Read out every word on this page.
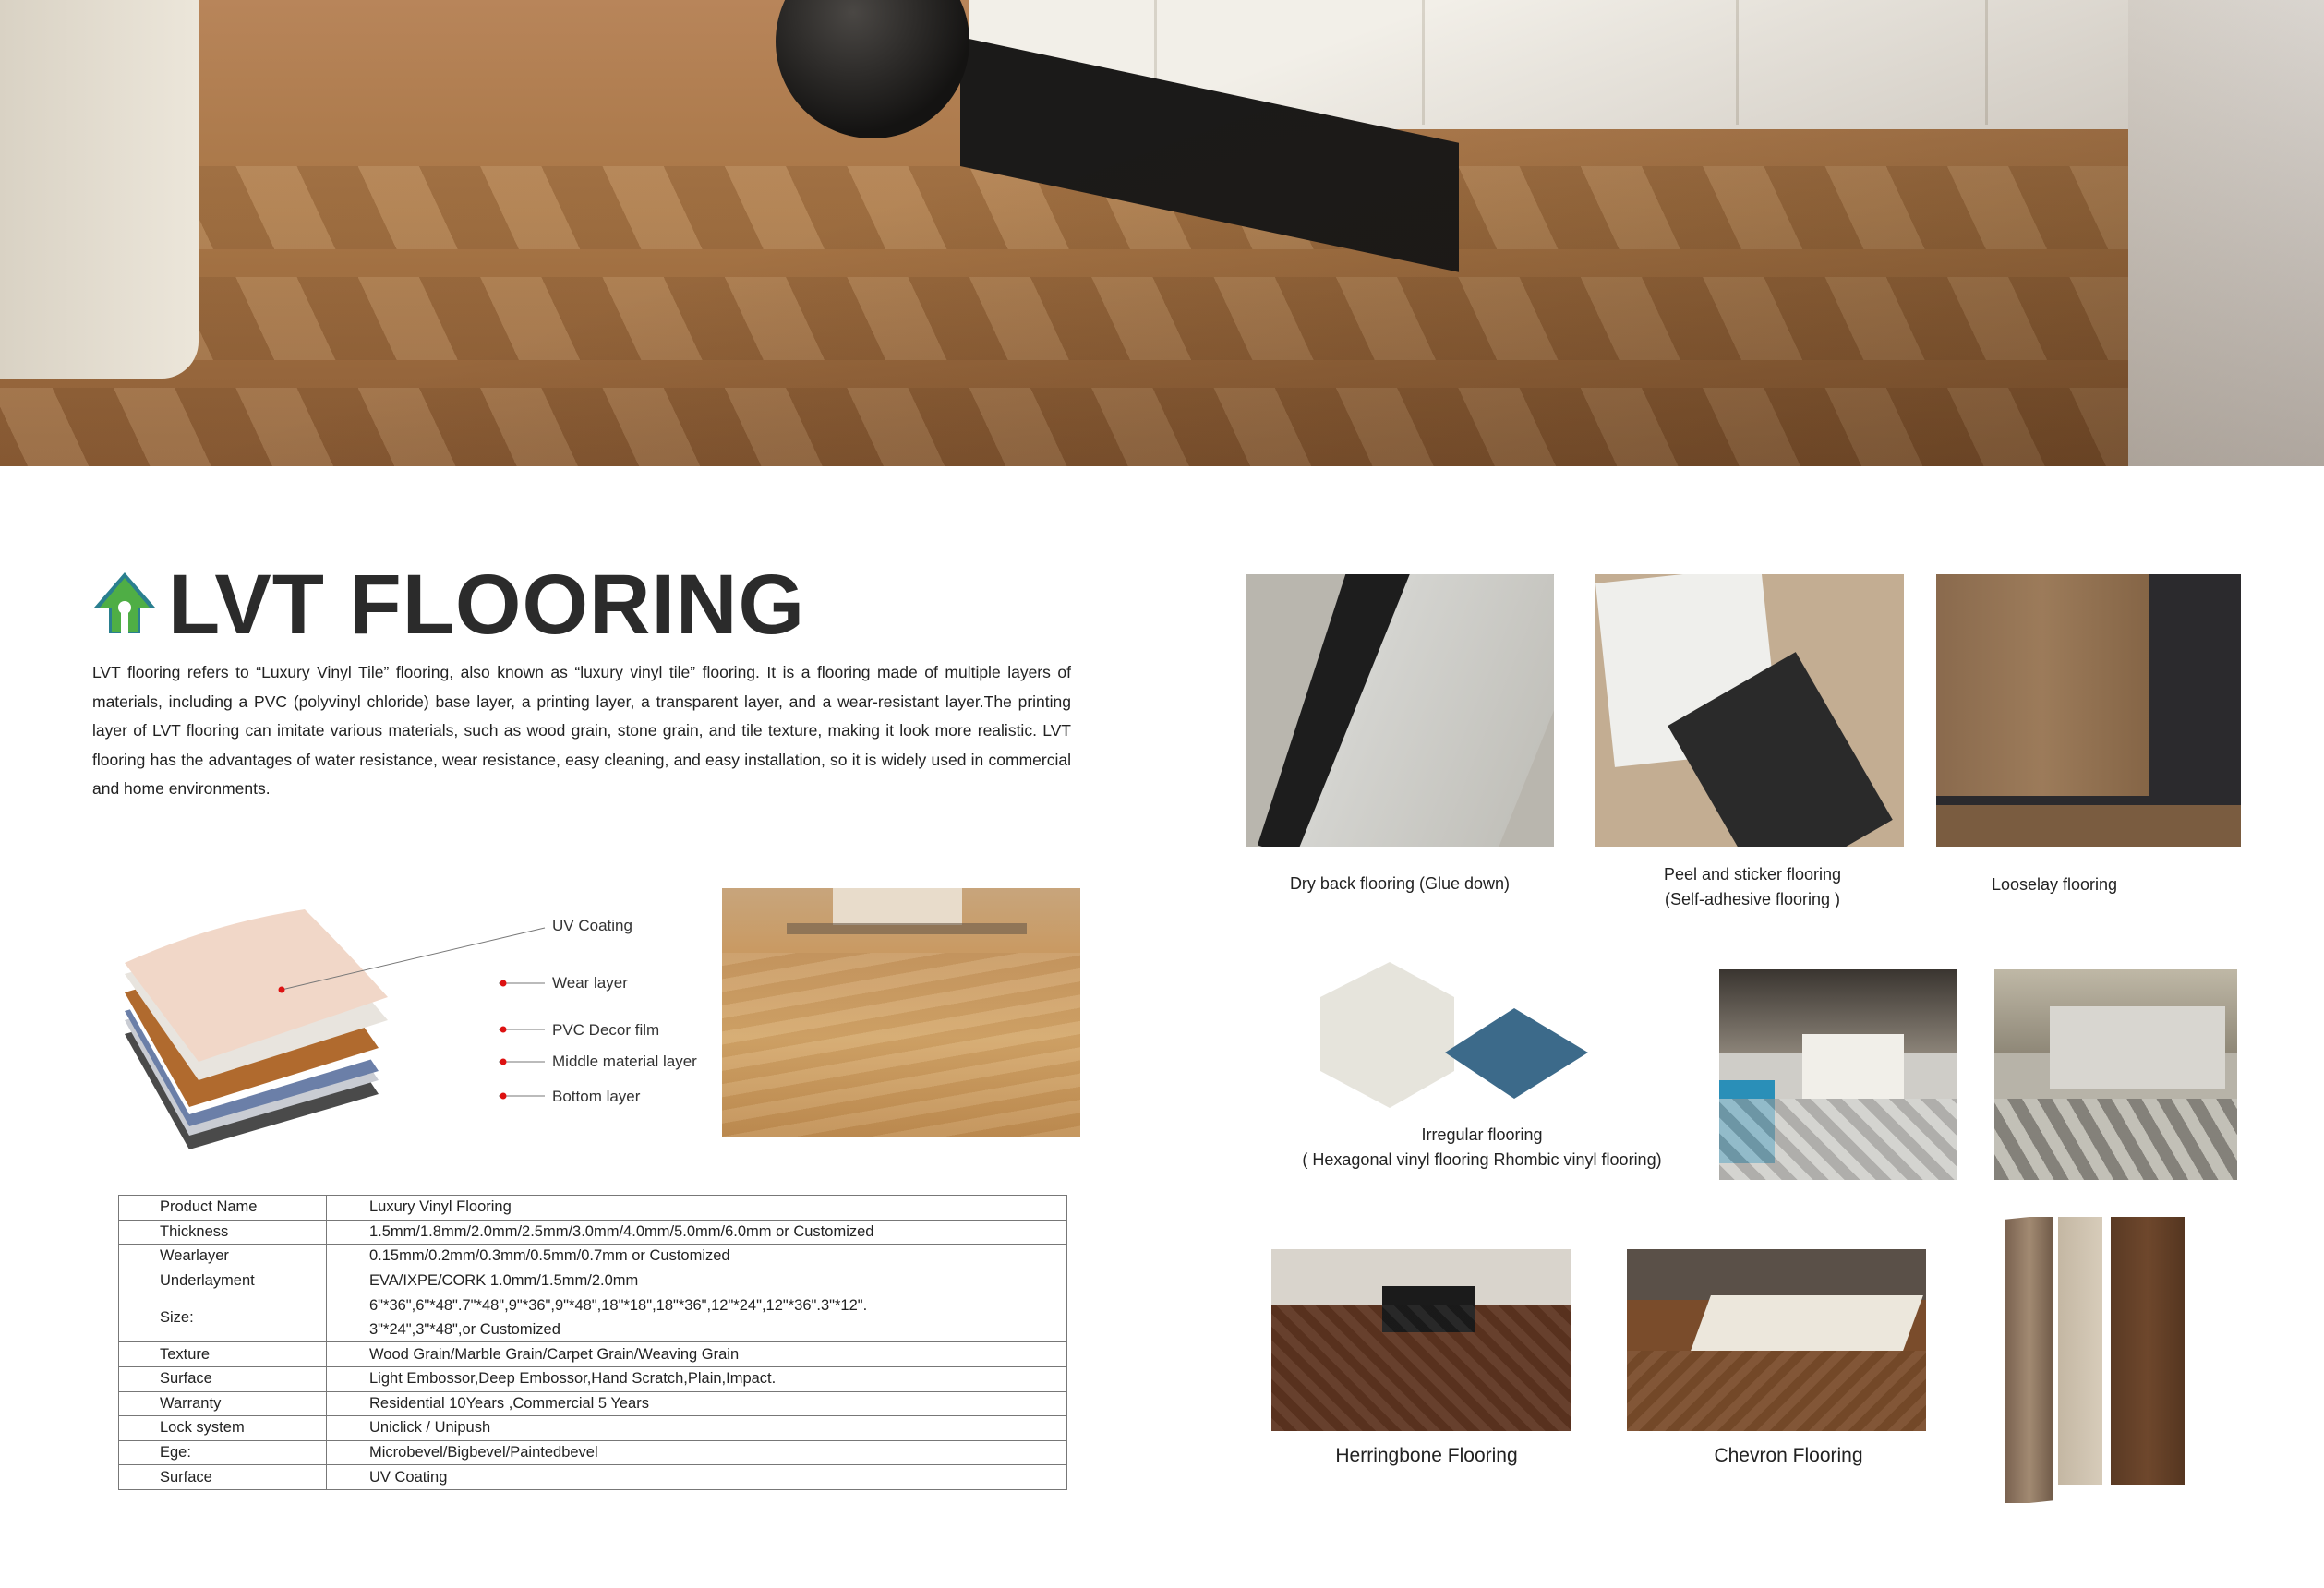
LVT FLOORING
LVT flooring refers to “Luxury Vinyl Tile” flooring, also known as “luxury vinyl tile” flooring. It is a flooring made of multiple layers of materials, including a PVC (polyvinyl chloride) base layer, a printing layer, a transparent layer, and a wear-resistant layer.The printing layer of LVT flooring can imitate various materials, such as wood grain, stone grain, and tile texture, making it look more realistic. LVT flooring has the advantages of water resistance, wear resistance, easy cleaning, and easy installation, so it is widely used in commercial and home environments.
UV Coating
Wear layer
PVC Decor film
Middle material layer
Bottom layer
Product Name	Luxury Vinyl Flooring
Thickness	1.5mm/1.8mm/2.0mm/2.5mm/3.0mm/4.0mm/5.0mm/6.0mm or Customized
Wearlayer	0.15mm/0.2mm/0.3mm/0.5mm/0.7mm or Customized
Underlayment	EVA/IXPE/CORK 1.0mm/1.5mm/2.0mm
Size:	6"*36",6"*48".7"*48",9"*36",9"*48",18"*18",18"*36",12"*24",12"*36".3"*12".
3"*24",3"*48",or Customized
Texture	Wood Grain/Marble Grain/Carpet Grain/Weaving Grain
Surface	Light Embossor,Deep Embossor,Hand Scratch,Plain,Impact.
Warranty	Residential 10Years ,Commercial 5 Years
Lock system	Uniclick / Unipush
Ege:	Microbevel/Bigbevel/Paintedbevel
Surface	UV Coating
Dry back flooring (Glue down)	Peel and sticker flooring
(Self-adhesive flooring )
Looselay flooring
Irregular flooring
( Hexagonal vinyl flooring Rhombic vinyl flooring)
Herringbone Flooring	Chevron Flooring
